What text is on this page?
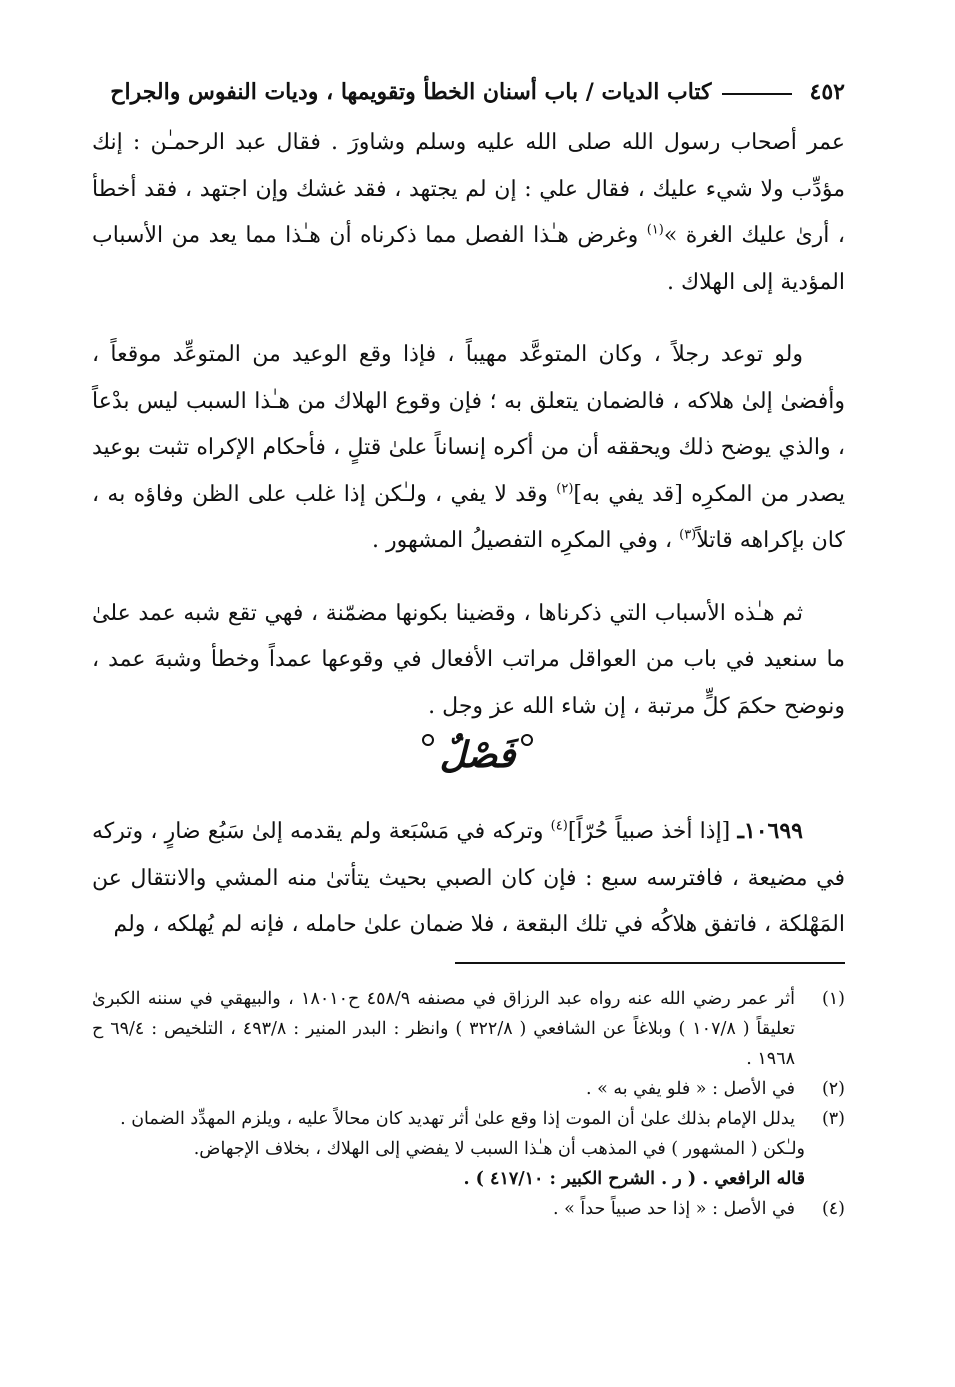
٤٥٢
كتاب الديات / باب أسنان الخطأ وتقويمها ، وديات النفوس والجراح

عمر أصحاب رسول الله صلى الله عليه وسلم وشاورَ . فقال عبد الرحمـٰن : إنك مؤدِّب ولا شيء عليك ، فقال علي : إن لم يجتهد ، فقد غشك وإن اجتهد ، فقد أخطأ ، أرىٰ عليك الغرة »$^{(١)}$ وغرض هـٰذا الفصل مما ذكرناه أن هـٰذا مما يعد من الأسباب المؤدية إلى الهلاك .

ولو توعد رجلاً ، وكان المتوعَّد مهيباً ، فإذا وقع الوعيد من المتوعِّد موقعاً ، وأفضىٰ إلىٰ هلاكه ، فالضمان يتعلق به ؛ فإن وقوع الهلاك من هـٰذا السبب ليس بدْعاً ، والذي يوضح ذلك ويحققه أن من أكره إنساناً علىٰ قتلٍ ، فأحكام الإكراه تثبت بوعيد يصدر من المكرِه [قد يفي به]$^{(٢)}$ وقد لا يفي ، ولـٰكن إذا غلب على الظن وفاؤه به ، كان بإكراهه قاتلاً$^{(٣)}$ ، وفي المكرِه التفصيلُ المشهور .

ثم هـٰذه الأسباب التي ذكرناها ، وقضينا بكونها مضمّنة ، فهي تقع شبه عمد علىٰ ما سنعيد في باب من العواقل مراتب الأفعال في وقوعها عمداً وخطأ وشبهَ عمد ، ونوضح حكمَ كلٍّ مرتبة ، إن شاء الله عز وجل .

فَصْلٌ

١٠٦٩٩ـ [إذا أخذ صبياً حُرّاً]$^{(٤)}$ وتركه في مَسْبَعة ولم يقدمه إلىٰ سَبُع ضارٍ ، وتركه في مضيعة ، فافترسه سبع : فإن كان الصبي بحيث يتأتىٰ منه المشي والانتقال عن المَهْلكة ، فاتفق هلاكُه في تلك البقعة ، فلا ضمان علىٰ حامله ، فإنه لم يُهلكه ، ولم

(١)
أثر عمر رضي الله عنه رواه عبد الرزاق في مصنفه ٤٥٨/٩ ح١٨٠١٠ ، والبيهقي في سننه الكبرىٰ تعليقاً ( ١٠٧/٨ ) وبلاغاً عن الشافعي ( ٣٢٢/٨ ) وانظر : البدر المنير : ٤٩٣/٨ ، التلخيص : ٦٩/٤ ح ١٩٦٨ .
(٢)
في الأصل : « فلو يفي به » .
(٣)
يدلل الإمام بذلك علىٰ أن الموت إذا وقع علىٰ أثر تهديد كان محالاً عليه ، ويلزم المهدِّد الضمان .
ولـٰكن ( المشهور ) في المذهب أن هـٰذا السبب لا يفضي إلى الهلاك ، بخلاف الإجهاض.
قاله الرافعي . ( ر . الشرح الكبير : ٤١٧/١٠ ) .
(٤)
في الأصل : « إذا حد صبياً حداً » .
